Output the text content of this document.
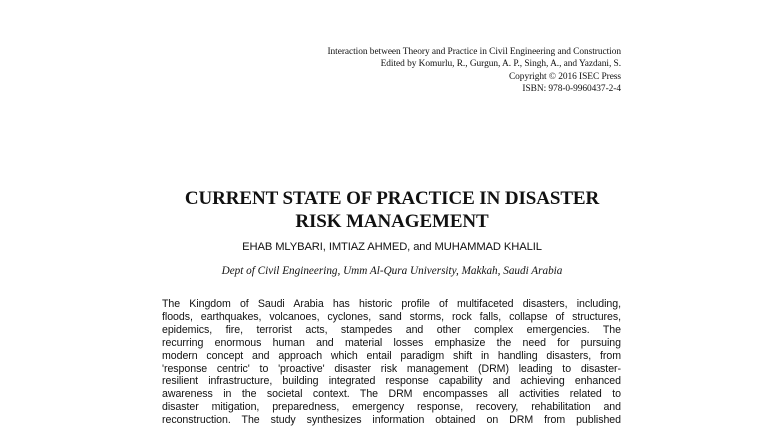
Interaction between Theory and Practice in Civil Engineering and Construction
Edited by Komurlu, R., Gurgun, A. P., Singh, A., and Yazdani, S.
Copyright © 2016 ISEC Press
ISBN: 978-0-9960437-2-4
CURRENT STATE OF PRACTICE IN DISASTER
RISK MANAGEMENT
EHAB MLYBARI, IMTIAZ AHMED, and MUHAMMAD KHALIL
Dept of Civil Engineering, Umm Al-Qura University, Makkah, Saudi Arabia
The Kingdom of Saudi Arabia has historic profile of multifaceted disasters, including,
floods, earthquakes, volcanoes, cyclones, sand storms, rock falls, collapse of structures,
epidemics, fire, terrorist acts, stampedes and other complex emergencies. The
recurring enormous human and material losses emphasize the need for pursuing
modern concept and approach which entail paradigm shift in handling disasters, from
'response centric' to 'proactive' disaster risk management (DRM) leading to disaster-
resilient infrastructure, building integrated response capability and achieving enhanced
awareness in the societal context. The DRM encompasses all activities related to
disaster mitigation, preparedness, emergency response, recovery, rehabilitation and
reconstruction. The study synthesizes information obtained on DRM from published
